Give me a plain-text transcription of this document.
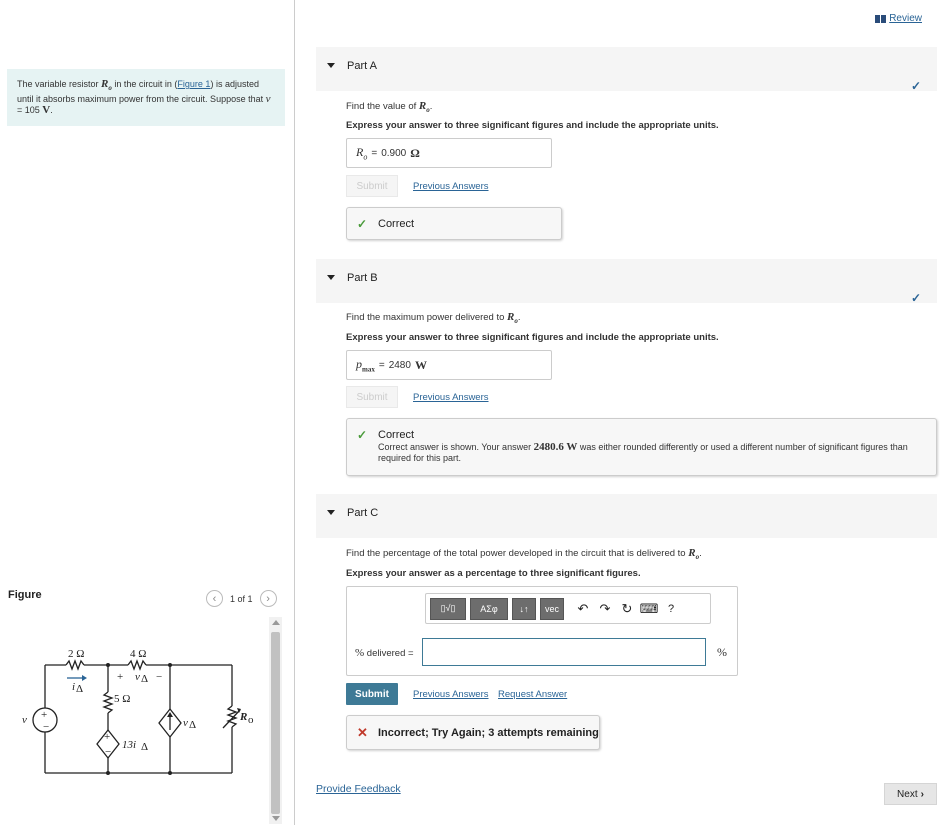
The variable resistor $R_o$ in the circuit in (Figure 1) is adjusted until it absorbs maximum power from the circuit. Suppose that v = 105 V.
Figure	‹	1 of 1	›
2 Ω	4 Ω
5 Ω
i Δ
+ v Δ −
v +
−
+
−
13i Δ
v Δ
R o
Review
Part A
✓
Find the value of $R_o$.
Express your answer to three significant figures and include the appropriate units.
$R_o = 0.900$ Ω
Submit	Previous Answers
✓ Correct
Part B
✓
Find the maximum power delivered to $R_o$.
Express your answer to three significant figures and include the appropriate units.
$p_{max} = 2480$ W
Submit	Previous Answers
✓ Correct
Correct answer is shown. Your answer 2480.6 W was either rounded differently or used a different number of significant figures than required for this part.
Part C
Find the percentage of the total power developed in the circuit that is delivered to $R_o$.
Express your answer as a percentage to three significant figures.
▯√▯	ΑΣφ	↓↑	vec	↶ ↷ ↻ ⌨ ?
% delivered =	%
Submit	Previous Answers Request Answer
✕ Incorrect; Try Again; 3 attempts remaining
Provide Feedback	Next ›
